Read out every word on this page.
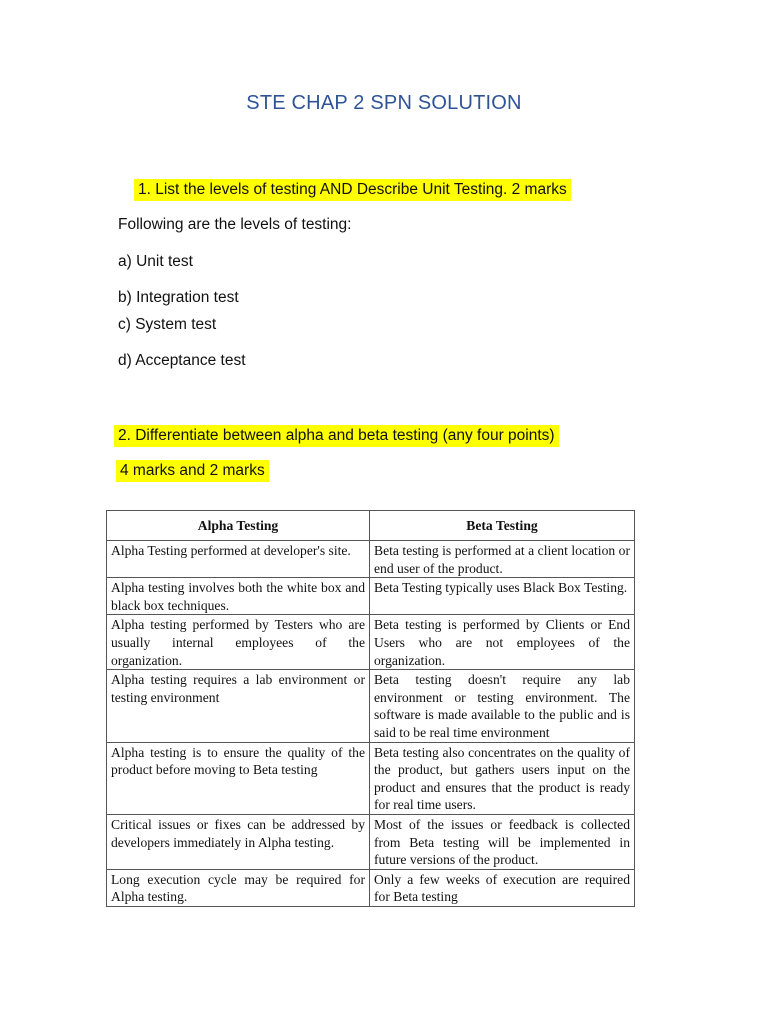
STE CHAP 2 SPN SOLUTION
1. List the levels of testing AND Describe Unit Testing. 2 marks
Following are the levels of testing:
a) Unit test
b) Integration test
c) System test
d) Acceptance test
2. Differentiate between alpha and beta testing (any four points)
4 marks and 2 marks
Alpha Testing	Beta Testing
Alpha Testing performed at developer's site.	Beta testing is performed at a client location or end user of the product.
Alpha testing involves both the white box and black box techniques.	Beta Testing typically uses Black Box Testing.
Alpha testing performed by Testers who are usually internal employees of the organization.	Beta testing is performed by Clients or End Users who are not employees of the organization.
Alpha testing requires a lab environment or testing environment	Beta testing doesn't require any lab environment or testing environment. The software is made available to the public and is said to be real time environment
Alpha testing is to ensure the quality of the product before moving to Beta testing	Beta testing also concentrates on the quality of the product, but gathers users input on the product and ensures that the product is ready for real time users.
Critical issues or fixes can be addressed by developers immediately in Alpha testing.	Most of the issues or feedback is collected from Beta testing will be implemented in future versions of the product.
Long execution cycle may be required for Alpha testing.	Only a few weeks of execution are required for Beta testing
